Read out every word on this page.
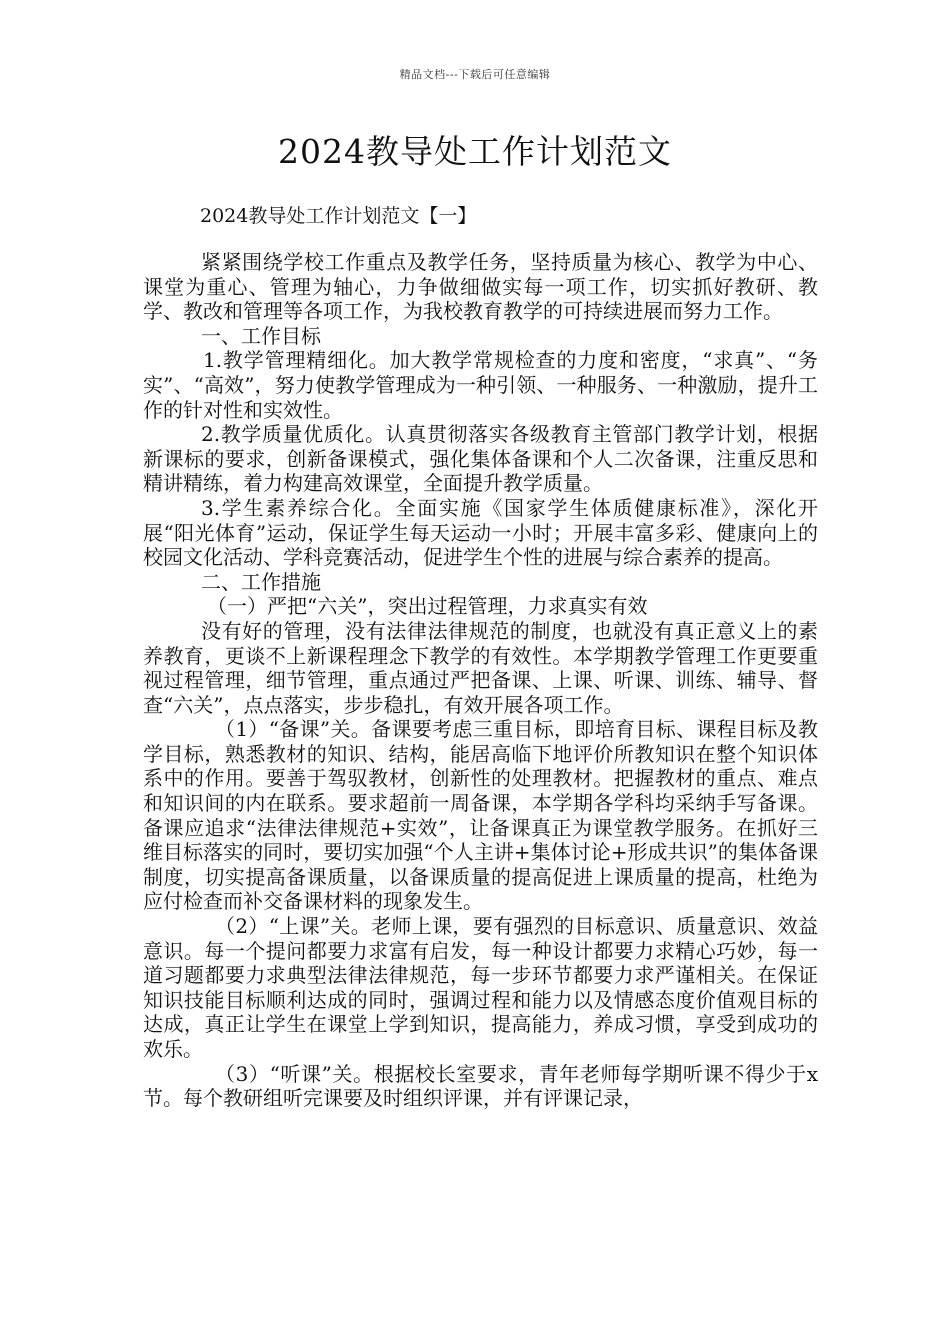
精品文档---下载后可任意编辑
2024教导处工作计划范文

2024教导处工作计划范文【一】

紧紧围绕学校工作重点及教学任务，坚持质量为核心、教学为中心、课堂为重心、管理为轴心，力争做细做实每一项工作，切实抓好教研、教学、教改和管理等各项工作，为我校教育教学的可持续进展而努力工作。

一、工作目标

1.教学管理精细化。加大教学常规检查的力度和密度，“求真”、“务实”、“高效”，努力使教学管理成为一种引领、一种服务、一种激励，提升工作的针对性和实效性。

2.教学质量优质化。认真贯彻落实各级教育主管部门教学计划，根据新课标的要求，创新备课模式，强化集体备课和个人二次备课，注重反思和精讲精练，着力构建高效课堂，全面提升教学质量。

3.学生素养综合化。全面实施《国家学生体质健康标准》，深化开展“阳光体育”运动，保证学生每天运动一小时；开展丰富多彩、健康向上的校园文化活动、学科竞赛活动，促进学生个性的进展与综合素养的提高。

二、工作措施

（一）严把“六关”，突出过程管理，力求真实有效

没有好的管理，没有法律法律规范的制度，也就没有真正意义上的素养教育，更谈不上新课程理念下教学的有效性。本学期教学管理工作更要重视过程管理，细节管理，重点通过严把备课、上课、听课、训练、辅导、督查“六关”，点点落实，步步稳扎，有效开展各项工作。

（1）“备课”关。备课要考虑三重目标，即培育目标、课程目标及教学目标，熟悉教材的知识、结构，能居高临下地评价所教知识在整个知识体系中的作用。要善于驾驭教材，创新性的处理教材。把握教材的重点、难点和知识间的内在联系。要求超前一周备课，本学期各学科均采纳手写备课。备课应追求“法律法律规范+实效”，让备课真正为课堂教学服务。在抓好三维目标落实的同时，要切实加强“个人主讲+集体讨论+形成共识”的集体备课制度，切实提高备课质量，以备课质量的提高促进上课质量的提高，杜绝为应付检查而补交备课材料的现象发生。

（2）“上课”关。老师上课，要有强烈的目标意识、质量意识、效益意识。每一个提问都要力求富有启发，每一种设计都要力求精心巧妙，每一道习题都要力求典型法律法律规范，每一步环节都要力求严谨相关。在保证知识技能目标顺利达成的同时，强调过程和能力以及情感态度价值观目标的达成，真正让学生在课堂上学到知识，提高能力，养成习惯，享受到成功的欢乐。

（3）“听课”关。根据校长室要求，青年老师每学期听课不得少于x节。每个教研组听完课要及时组织评课，并有评课记录，
